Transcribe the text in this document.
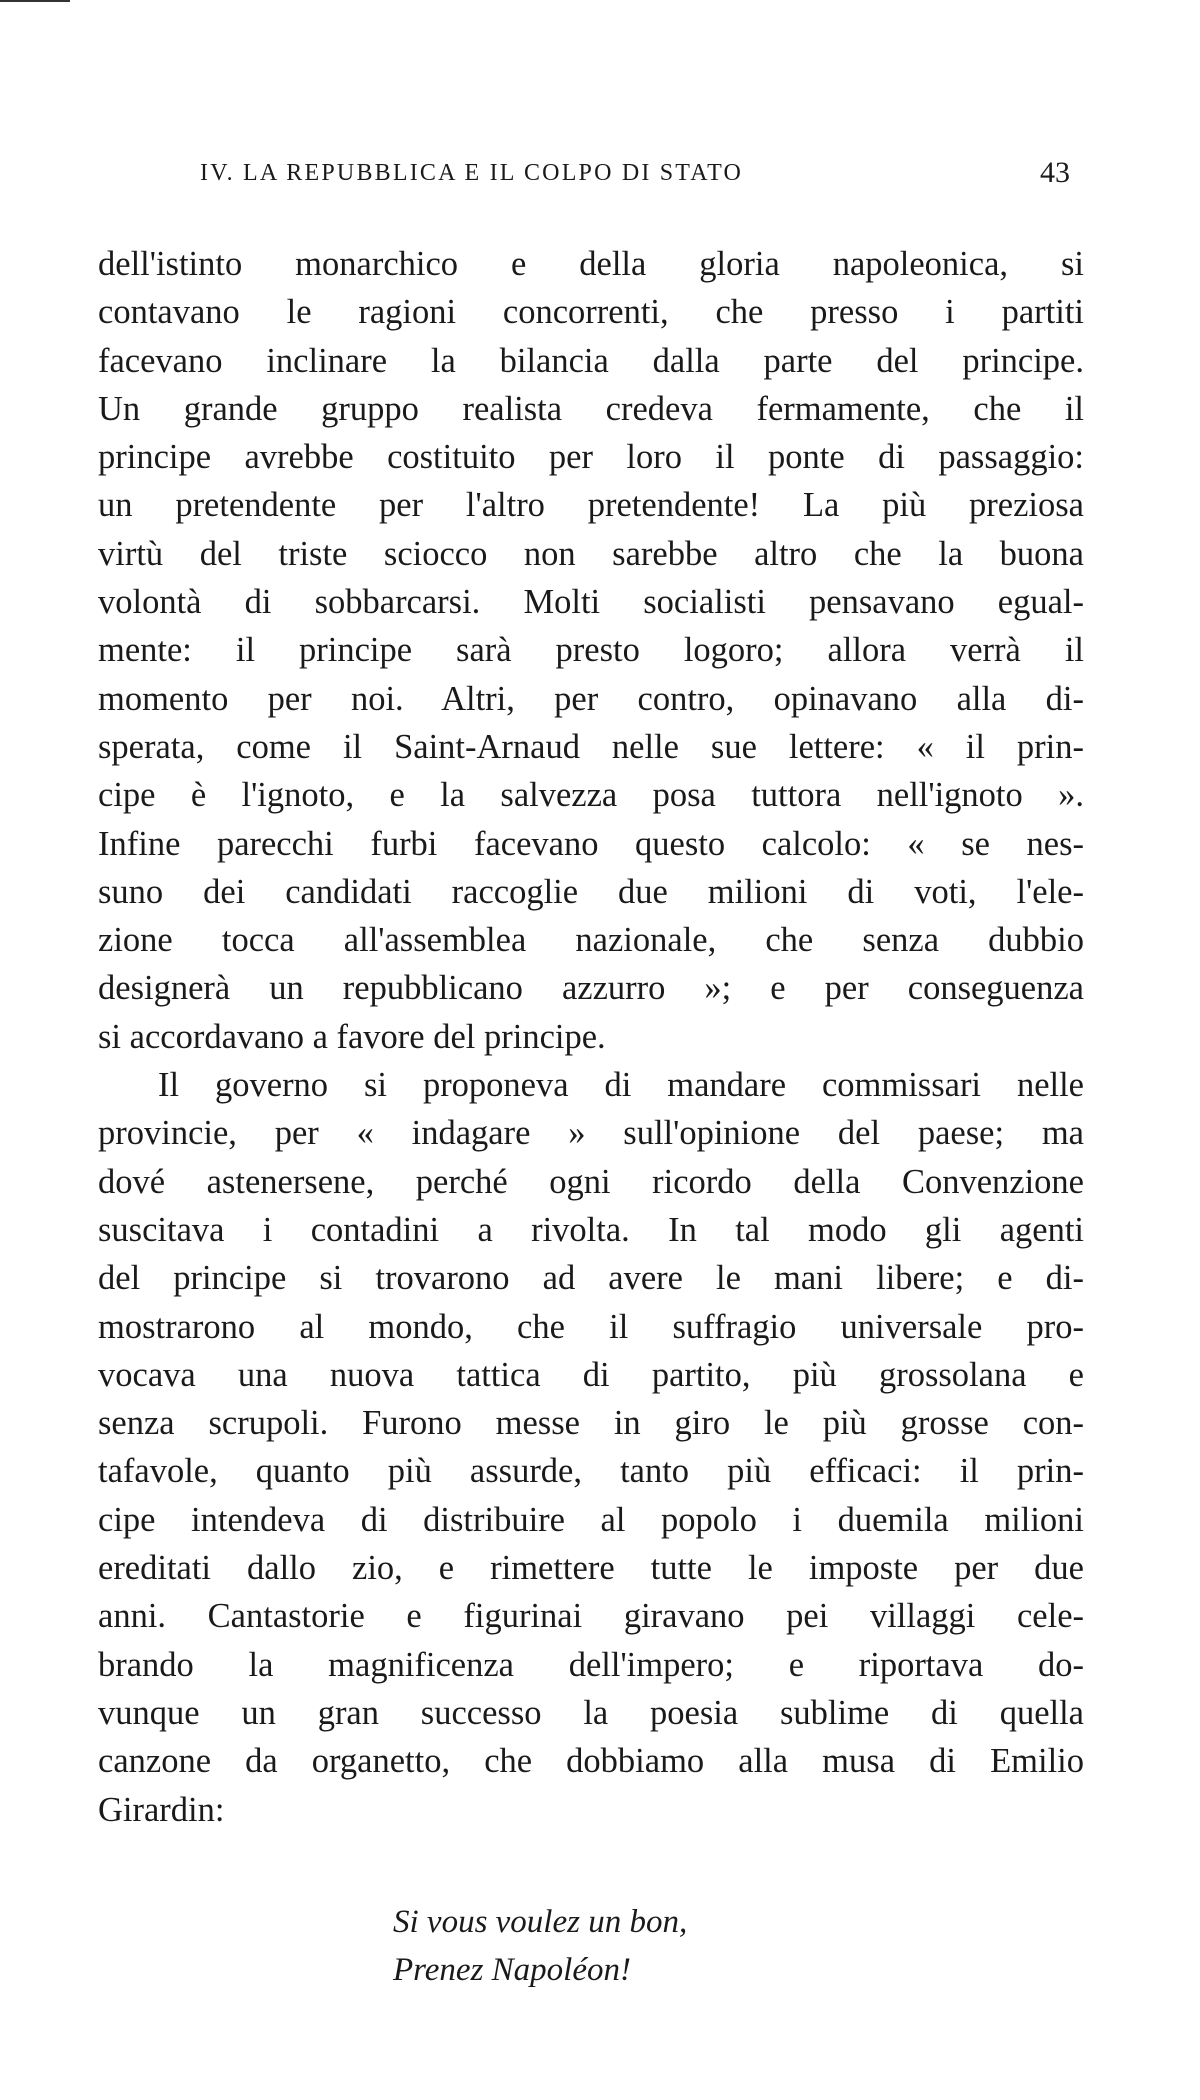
IV. LA REPUBBLICA E IL COLPO DI STATO	43
dell'istinto monarchico e della gloria napoleonica, si
contavano le ragioni concorrenti, che presso i partiti
facevano inclinare la bilancia dalla parte del principe.
Un grande gruppo realista credeva fermamente, che il
principe avrebbe costituito per loro il ponte di passaggio:
un pretendente per l'altro pretendente! La più preziosa
virtù del triste sciocco non sarebbe altro che la buona
volontà di sobbarcarsi. Molti socialisti pensavano egual-
mente: il principe sarà presto logoro; allora verrà il
momento per noi. Altri, per contro, opinavano alla di-
sperata, come il Saint-Arnaud nelle sue lettere: « il prin-
cipe è l'ignoto, e la salvezza posa tuttora nell'ignoto ».
Infine parecchi furbi facevano questo calcolo: « se nes-
suno dei candidati raccoglie due milioni di voti, l'ele-
zione tocca all'assemblea nazionale, che senza dubbio
designerà un repubblicano azzurro »; e per conseguenza
si accordavano a favore del principe.
Il governo si proponeva di mandare commissari nelle
provincie, per « indagare » sull'opinione del paese; ma
dové astenersene, perché ogni ricordo della Convenzione
suscitava i contadini a rivolta. In tal modo gli agenti
del principe si trovarono ad avere le mani libere; e di-
mostrarono al mondo, che il suffragio universale pro-
vocava una nuova tattica di partito, più grossolana e
senza scrupoli. Furono messe in giro le più grosse con-
tafavole, quanto più assurde, tanto più efficaci: il prin-
cipe intendeva di distribuire al popolo i duemila milioni
ereditati dallo zio, e rimettere tutte le imposte per due
anni. Cantastorie e figurinai giravano pei villaggi cele-
brando la magnificenza dell'impero; e riportava do-
vunque un gran successo la poesia sublime di quella
canzone da organetto, che dobbiamo alla musa di Emilio
Girardin:
Si vous voulez un bon,
Prenez Napoléon!
